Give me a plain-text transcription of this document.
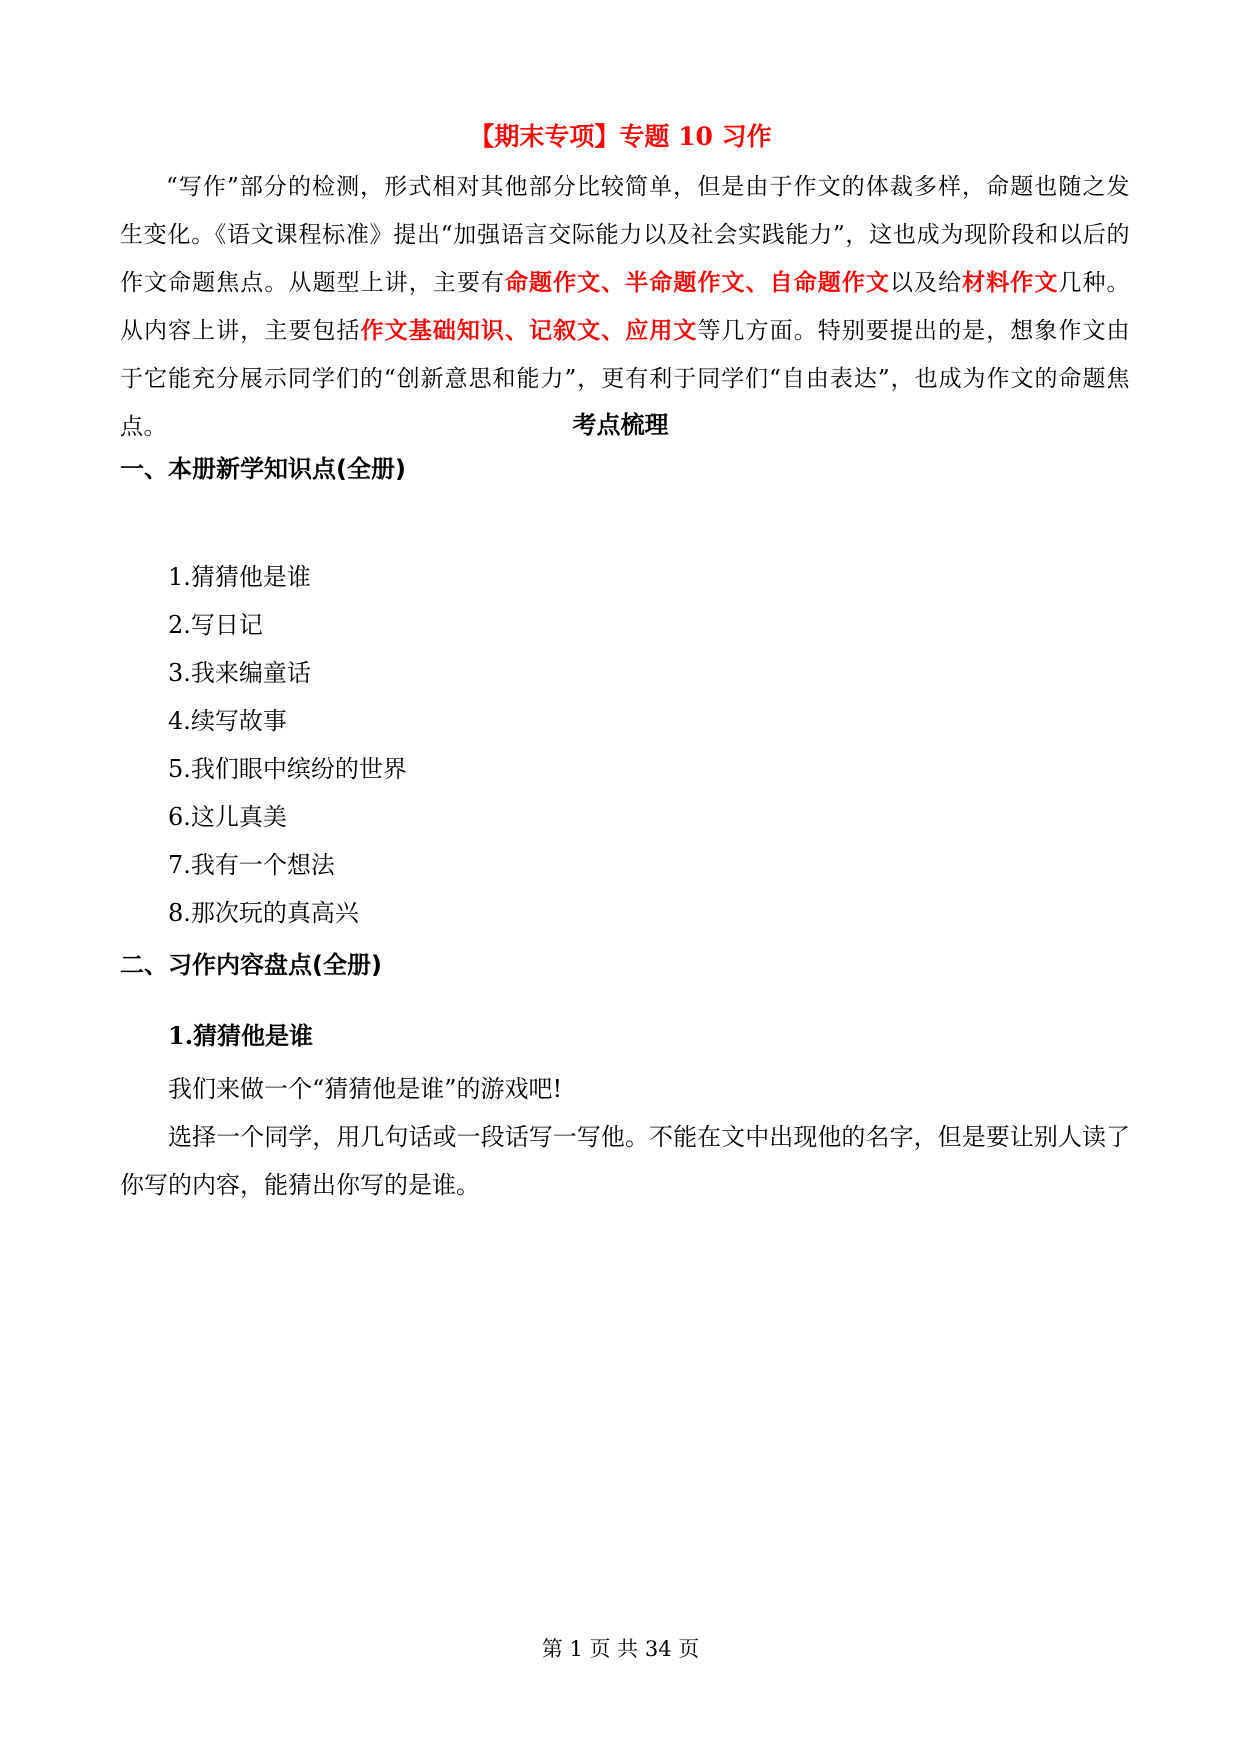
【期末专项】专题 10 习作

“写作”部分的检测，形式相对其他部分比较简单，但是由于作文的体裁多样，命题也随之发生变化。《语文课程标准》提出“加强语言交际能力以及社会实践能力”，这也成为现阶段和以后的作文命题焦点。从题型上讲，主要有命题作文、半命题作文、自命题作文以及给材料作文几种。从内容上讲，主要包括作文基础知识、记叙文、应用文等几方面。特别要提出的是，想象作文由于它能充分展示同学们的“创新意思和能力”，更有利于同学们“自由表达”，也成为作文的命题焦点。	考点梳理
一、本册新学知识点(全册)
1.猜猜他是谁
2.写日记
3.我来编童话
4.续写故事
5.我们眼中缤纷的世界
6.这儿真美
7.我有一个想法
8.那次玩的真高兴
二、习作内容盘点(全册)
1.猜猜他是谁

我们来做一个“猜猜他是谁”的游戏吧!

选择一个同学，用几句话或一段话写一写他。不能在文中出现他的名字，但是要让别人读了你写的内容，能猜出你写的是谁。

第 1 页 共 34 页
